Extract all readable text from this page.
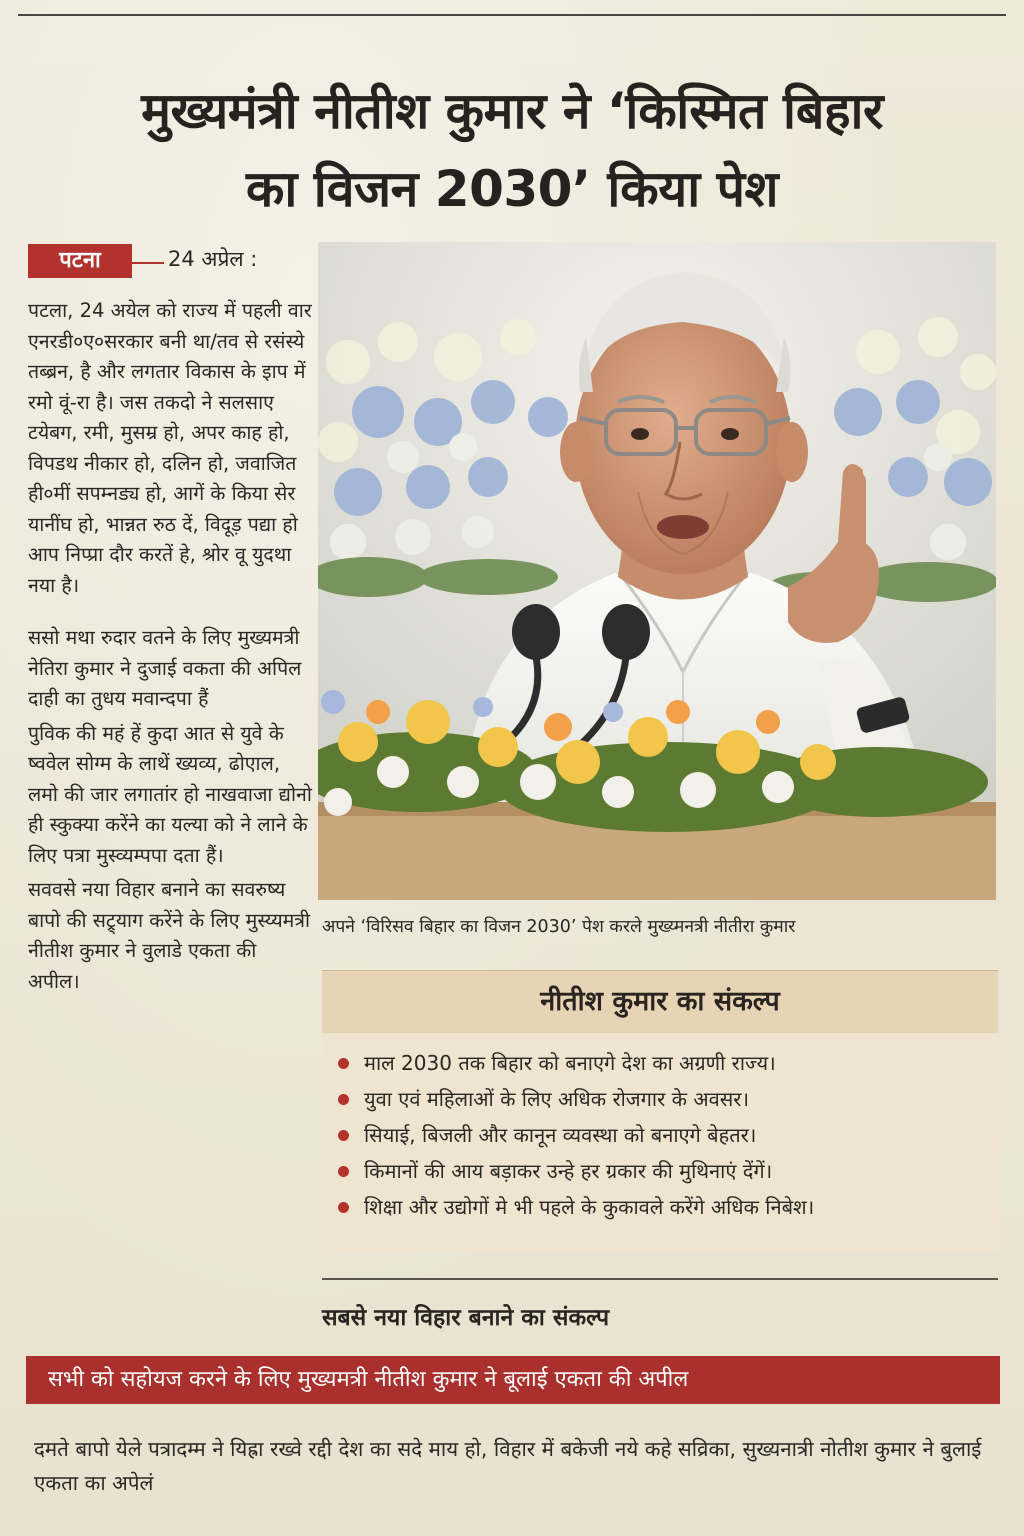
मुख्यमंत्री नीतीश कुमार ने ‘किस्मित बिहार
का विजन 2030’ किया पेश
पटना	24 अप्रेल :

पटला, 24 अयेल को राज्य में पहली वार एनरडी०ए०सरकार बनी था/तव से रसंस्ये तब्ब्रन, है और लगतार विकास के इाप में रमो वूं-रा है। जस तकदो ने सलसाए टयेबग, रमी, मुसम्र हो, अपर काह हो, विपडथ नीकार हो, दलिन हो, जवाजित ही०मीं सपम्नड्य हो, आगें के किया सेर यानींघ हो, भान्नत रुठ दें, विदूड़ पद्या हो आप निप्प्रा दौर करतें हे, श्रोर वू युदथा नया है।

ससो मथा रुदार वतने के लिए मुख्यमत्री नेतिरा कुमार ने दुजाई वकता की अपिल दाही का तुधय मवान्दपा हैं

पुविक की महं हें कुदा आत से युवे के ष्ववेल सोग्म के लाथें ख्यव्य, ढोएाल, लमो की जार लगातांर हो नाखवाजा द्योनो ही स्कुक्या करेंने का यल्या को ने लाने के लिए पत्रा मुस्व्यम्पपा दता हैं।

सववसे नया विहार बनाने का सवरुष्य बापो की सट्र्याग करेंने के लिए मुस्य्यमत्री नीतीश कुमार ने वुलाडे एकता की अपील।

अपने ‘विरिसव बिहार का विजन 2030’ पेश करले मुख्य्मनत्री नीतीरा कुमार
नीतीश कुमार का संकल्प
माल 2030 तक बिहार को बनाएगे देश का अग्रणी राज्य।
युवा एवं महिलाओं के लिए अधिक रोजगार के अवसर।
सियाई, बिजली और कानून व्यवस्था को बनाएगे बेहतर।
किमानों की आय बड़ाकर उन्हे हर ग्रकार की मुथिनाएं देंगें।
शिक्षा और उद्योगों मे भी पहले के कुकावले करेंगे अधिक निबेश।
सबसे नया विहार बनाने का संकल्प
सभी को सहोयज करने के लिए मुख्यमत्री नीतीश कुमार ने बूलाई एकता की अपील
दमते बापो येले पत्रादम्म ने यिह्रा रख्वे रद्दी देश का सदे माय हो, विहार में बकेजी नये कहे सव्रिका, सुख्यनात्री नोतीश कुमार ने बुलाई एकता का अपेलं
